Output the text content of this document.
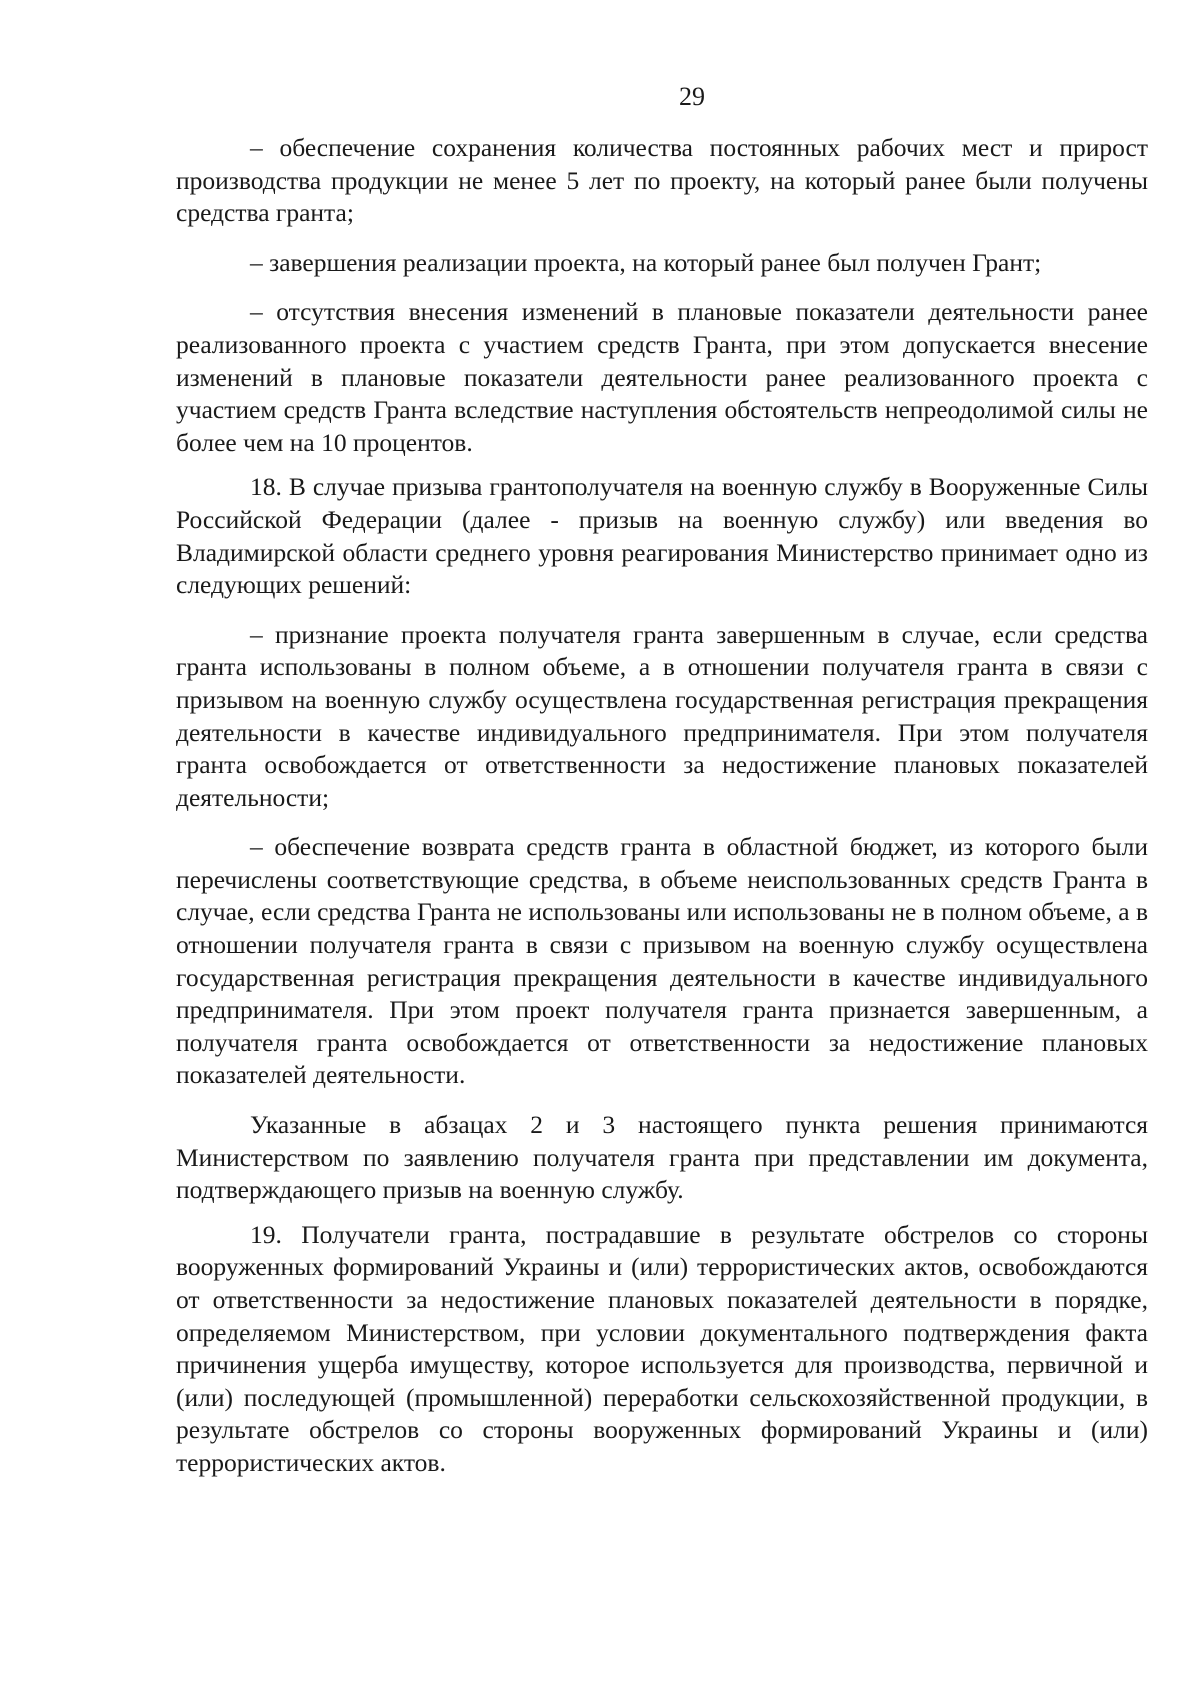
29

– обеспечение сохранения количества постоянных рабочих мест и прирост производства продукции не менее 5 лет по проекту, на который ранее были получены средства гранта;

– завершения реализации проекта, на который ранее был получен Грант;

– отсутствия внесения изменений в плановые показатели деятельности ранее реализованного проекта с участием средств Гранта, при этом допускается внесение изменений в плановые показатели деятельности ранее реализованного проекта с участием средств Гранта вследствие наступления обстоятельств непреодолимой силы не более чем на 10 процентов.

18. В случае призыва грантополучателя на военную службу в Вооруженные Силы Российской Федерации (далее - призыв на военную службу) или введения во Владимирской области среднего уровня реагирования Министерство принимает одно из следующих решений:

– признание проекта получателя гранта завершенным в случае, если средства гранта использованы в полном объеме, а в отношении получателя гранта в связи с призывом на военную службу осуществлена государственная регистрация прекращения деятельности в качестве индивидуального предпринимателя. При этом получателя гранта освобождается от ответственности за недостижение плановых показателей деятельности;

– обеспечение возврата средств гранта в областной бюджет, из которого были перечислены соответствующие средства, в объеме неиспользованных средств Гранта в случае, если средства Гранта не использованы или использованы не в полном объеме, а в отношении получателя гранта в связи с призывом на военную службу осуществлена государственная регистрация прекращения деятельности в качестве индивидуального предпринимателя. При этом проект получателя гранта признается завершенным, а получателя гранта освобождается от ответственности за недостижение плановых показателей деятельности.

Указанные в абзацах 2 и 3 настоящего пункта решения принимаются Министерством по заявлению получателя гранта при представлении им документа, подтверждающего призыв на военную службу.

19. Получатели гранта, пострадавшие в результате обстрелов со стороны вооруженных формирований Украины и (или) террористических актов, освобождаются от ответственности за недостижение плановых показателей деятельности в порядке, определяемом Министерством, при условии документального подтверждения факта причинения ущерба имуществу, которое используется для производства, первичной и (или) последующей (промышленной) переработки сельскохозяйственной продукции, в результате обстрелов со стороны вооруженных формирований Украины и (или) террористических актов.
